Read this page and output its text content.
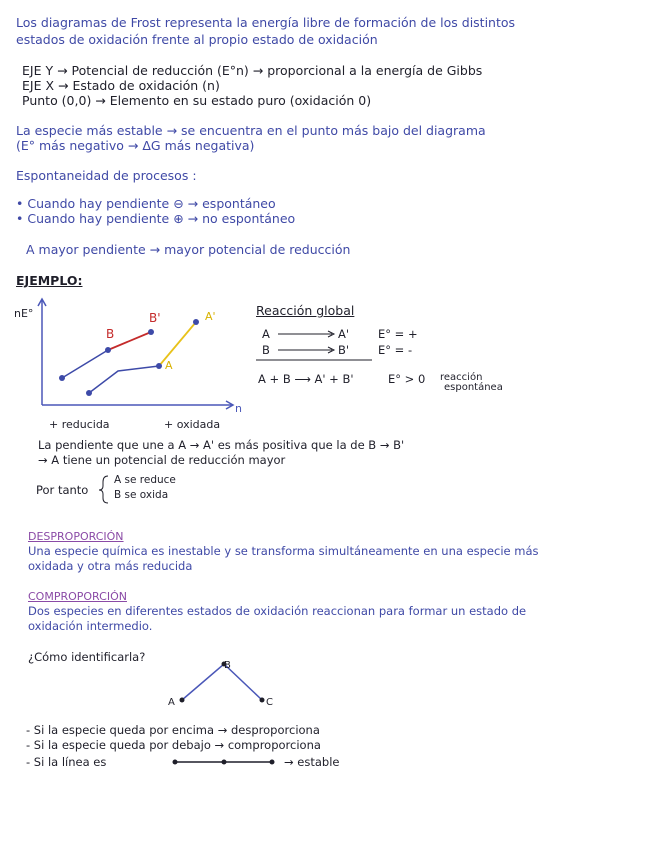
Los diagramas de Frost representa la energía libre de formación de los distintos
estados de oxidación frente al propio estado de oxidación
EJE Y → Potencial de reducción (E°n) → proporcional a la energía de Gibbs
EJE X → Estado de oxidación (n)
Punto (0,0) → Elemento en su estado puro (oxidación 0)
La especie más estable → se encuentra en el punto más bajo del diagrama
(E° más negativo → ΔG más negativa)
Espontaneidad de procesos :
• Cuando hay pendiente ⊖ → espontáneo
• Cuando hay pendiente ⊕ → no espontáneo
A mayor pendiente → mayor potencial de reducción
EJEMPLO:
nE°
n
B
B'
A
A'
+ reducida	+ oxidada
A
B
C
Reacción global
A	A'	E° = +
B	B'	E° = -
A + B ⟶ A' + B'	E° > 0 reacción
espontánea
La pendiente que une a A → A' es más positiva que la de B → B'
→ A tiene un potencial de reducción mayor
Por tanto
A se reduce
B se oxida
DESPROPORCIÓN
Una especie química es inestable y se transforma simultáneamente en una especie más
oxidada y otra más reducida
COMPROPORCIÓN
Dos especies en diferentes estados de oxidación reaccionan para formar un estado de
oxidación intermedio.
¿Cómo identificarla?
- Si la especie queda por encima → desproporciona
- Si la especie queda por debajo → comproporciona
- Si la línea es	→ estable
